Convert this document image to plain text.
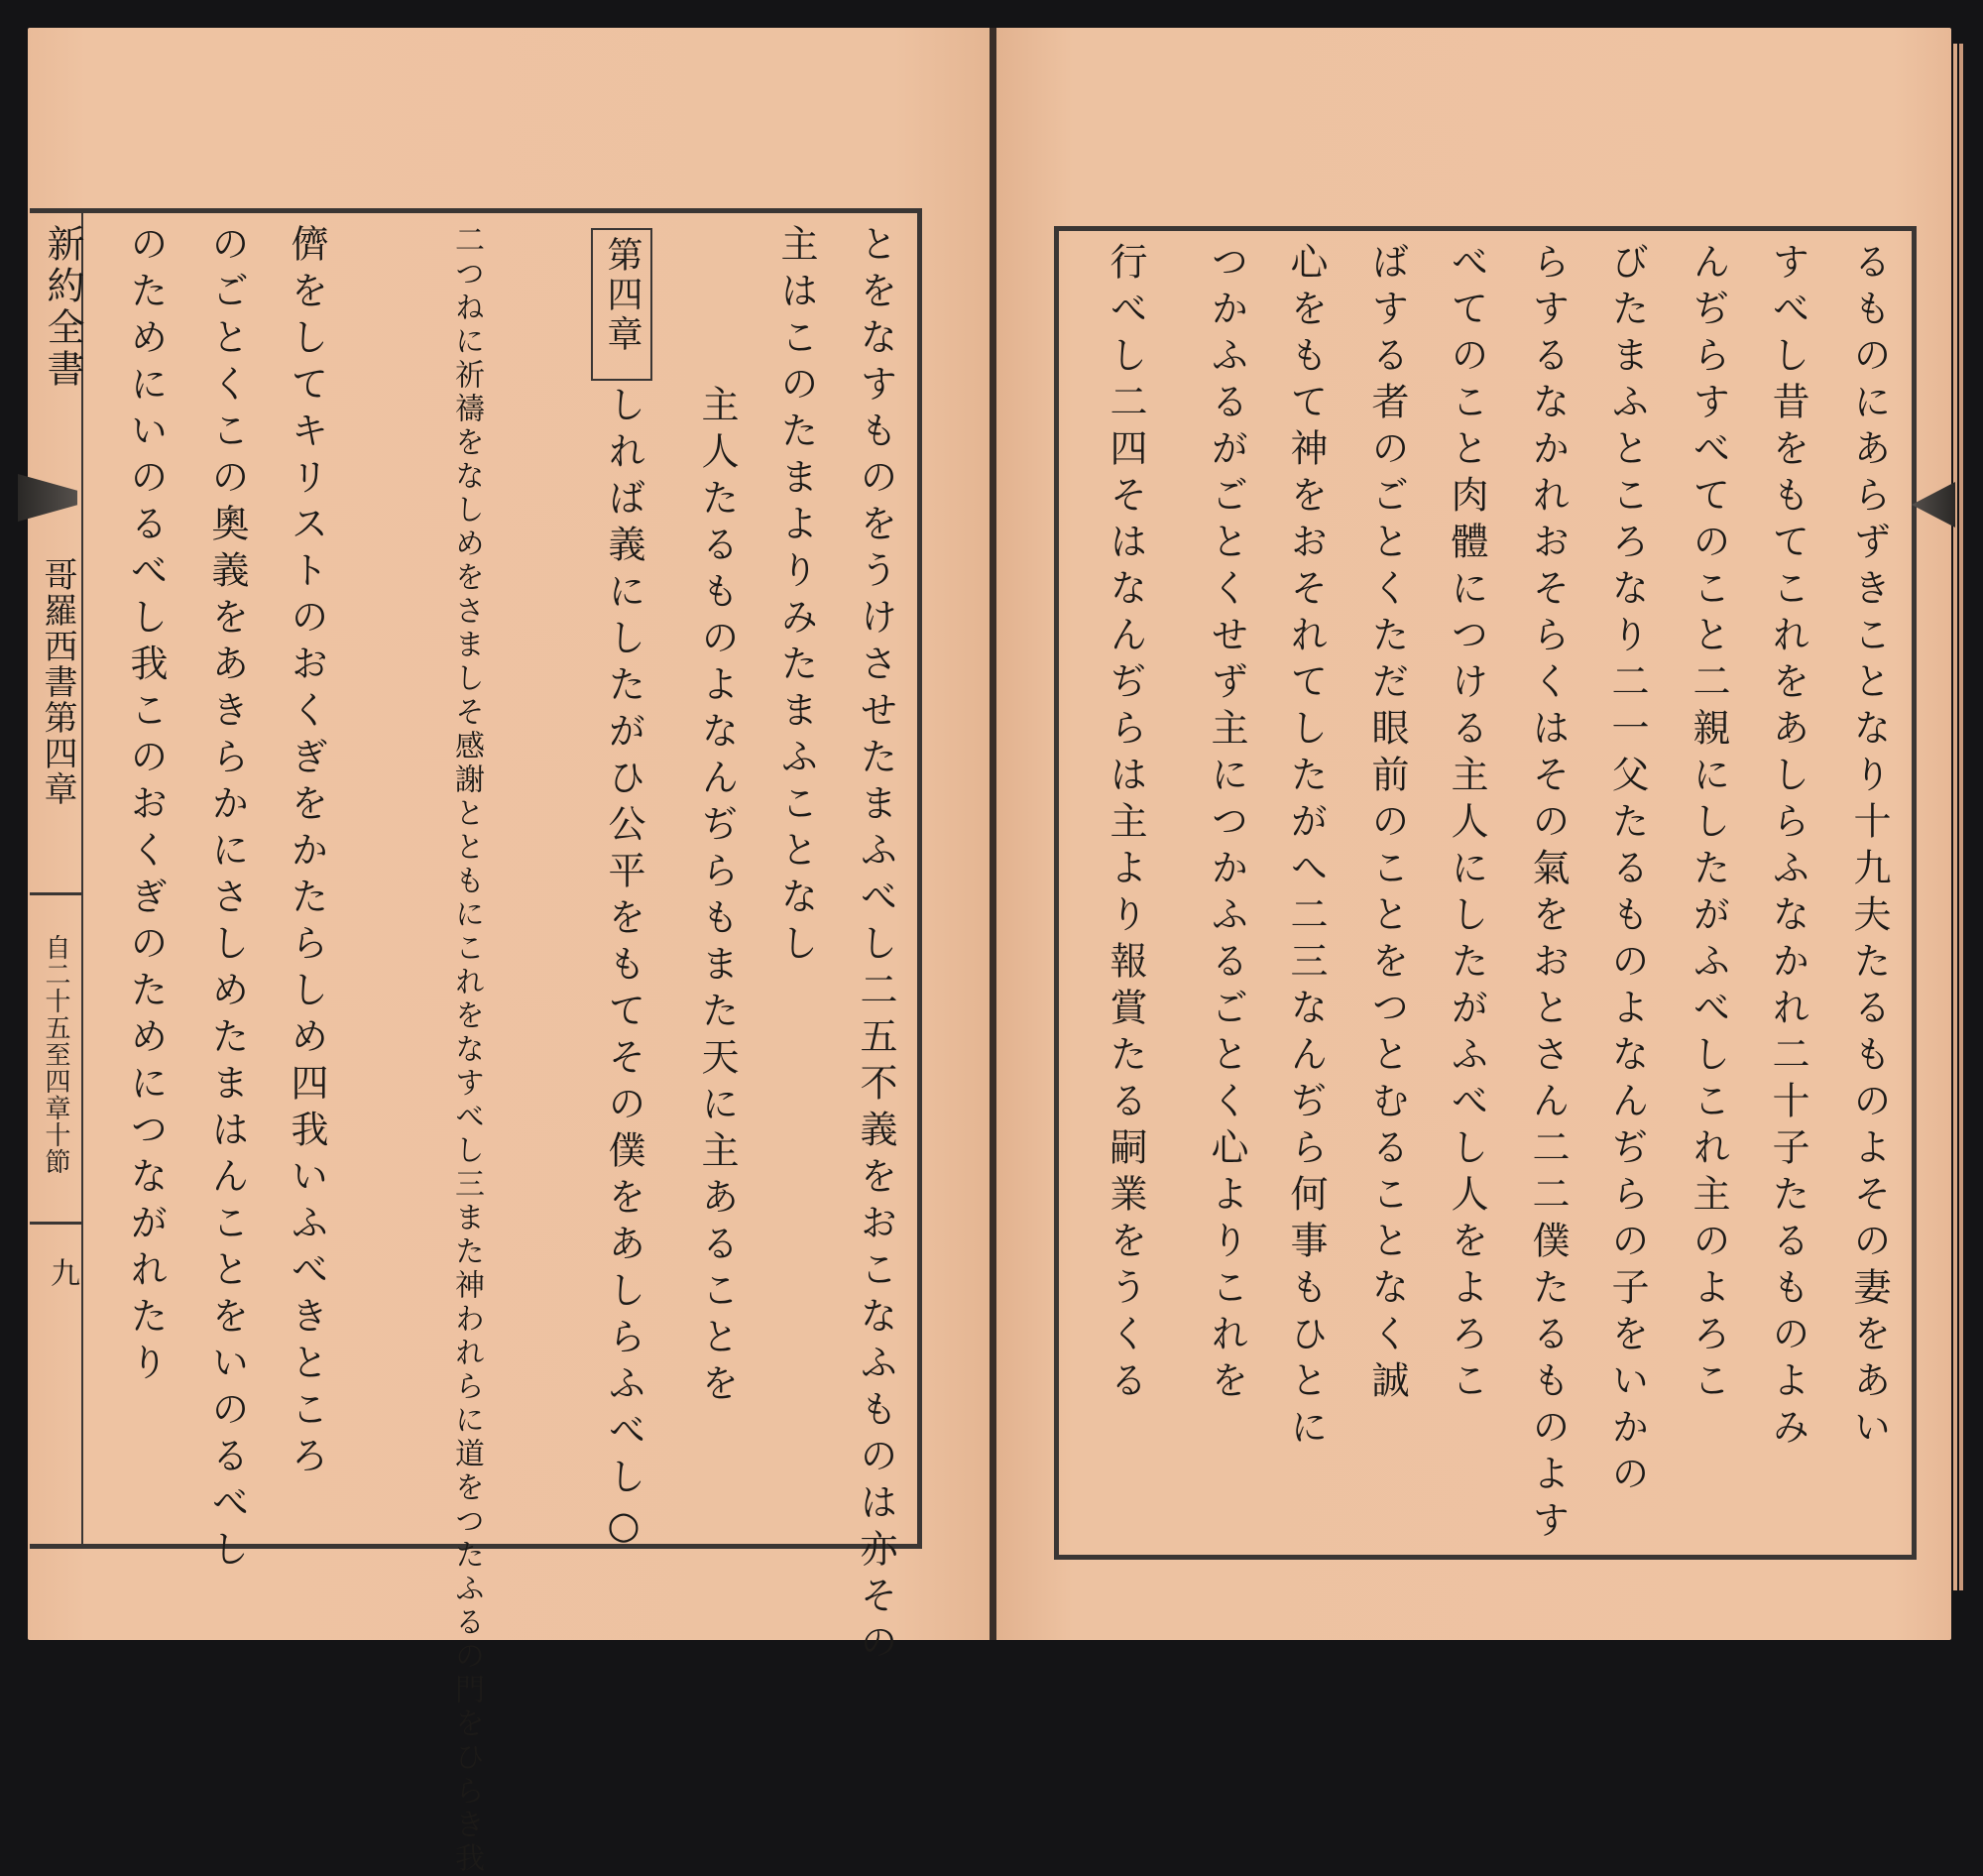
新約全書
哥羅西書第四章
自二十五至四章十節
九	とをなすものをうけさせたまふべし二五不義をおこなふものは亦その
主はこのたまよりみたまふことなし
第四章
主人たるものよなんぢらもまた天に主あることを
しれば義にしたがひ公平をもてその僕をあしらふべし○
二つねに祈禱をなしめをさましそ感謝とともにこれをなすべし三また神われらに道をつたふるの門をひらき我
儕をしてキリストのおくぎをかたらしめ四我いふべきところ
のごとくこの奧義をあきらかにさしめたまはんことをいのるべし
のためにいのるべし我このおくぎのためにつながれたり	るものにあらずきことなり十九夫たるものよその妻をあい
すべし昔をもてこれをあしらふなかれ二十子たるものよみ
んぢらすべてのこと二親にしたがふべしこれ主のよろこ
びたまふところなり二一父たるものよなんぢらの子をいかの
らするなかれおそらくはその氣をおとさん二二僕たるものよす
べてのこと肉體につける主人にしたがふべし人をよろこ
ばする者のごとくただ眼前のことをつとむることなく誠
心をもて神をおそれてしたがへ二三なんぢら何事もひとに
つかふるがごとくせず主につかふるごとく心よりこれを
行べし二四そはなんぢらは主より報賞たる嗣業をうくる
